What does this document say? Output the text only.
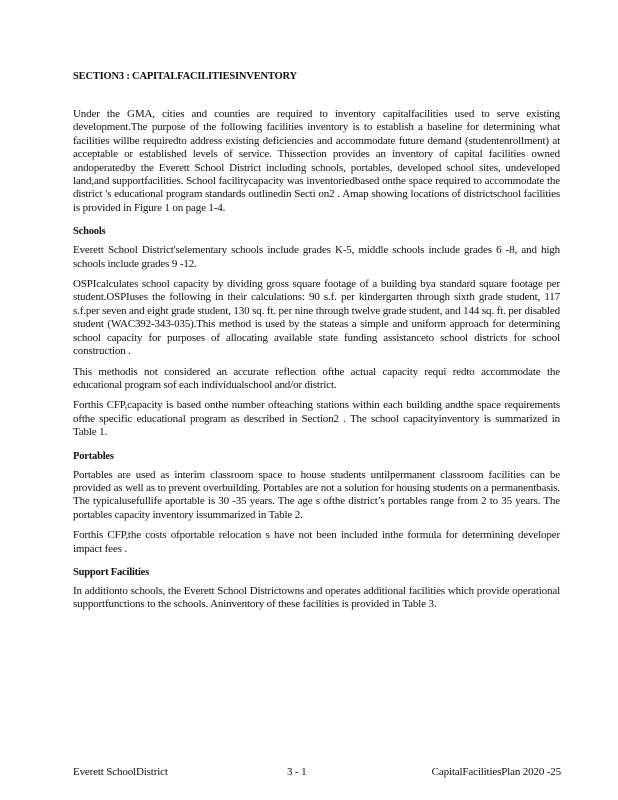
SECTION3 : CAPITALFACILITIESINVENTORY

Under the GMA, cities and counties are required to inventory capitalfacilities used to serve existing development.The purpose of the following facilities inventory is to establish a baseline for determining what facilities willbe requiredto address existing deficiencies and accommodate future demand (studentenrollment) at acceptable or established levels of service. Thissection provides an inventory of capital facilities owned andoperatedby the Everett School District including schools, portables, developed school sites, undeveloped land,and supportfacilities. School facilitycapacity was inventoriedbased onthe space required to accommodate the district 's educational program standards outlinedin Secti on2 . Amap showing locations of districtschool facilities is provided in Figure 1 on page 1-4.

Schools

Everett School District'selementary schools include grades K-5, middle schools include grades 6 -8, and high schools include grades 9 -12.

OSPIcalculates school capacity by dividing gross square footage of a building bya standard square footage per student.OSPIuses the following in their calculations: 90 s.f. per kindergarten through sixth grade student, 117 s.f.per seven and eight grade student, 130 sq. ft. per nine through twelve grade student, and 144 sq. ft. per disabled student (WAC392-343-035).This method is used by the stateas a simple and uniform approach for determining school capacity for purposes of allocating available state funding assistanceto school districts for school construction .

This methodis not considered an accurate reflection ofthe actual capacity requi redto accommodate the educational program sof each individualschool and/or district.

Forthis CFP,capacity is based onthe number ofteaching stations within each building andthe space requirements ofthe specific educational program as described in Section2 . The school capacityinventory is summarized in Table 1.

Portables

Portables are used as interim classroom space to house students untilpermanent classroom facilities can be provided as well as to prevent overbuilding. Portables are not a solution for housing students on a permanentbasis. The typicalusefullife aportable is 30 -35 years. The age s ofthe district’s portables range from 2 to 35 years. The portables capacity inventory issummarized in Table 2.

Forthis CFP,the costs ofportable relocation s have not been included inthe formula for determining developer impact fees .

Support Facilities

In additionto schools, the Everett School Districtowns and operates additional facilities which provide operational supportfunctions to the schools. Aninventory of these facilities is provided in Table 3.

Everett SchoolDistrict	3 - 1	CapitalFacilitiesPlan 2020 -25
